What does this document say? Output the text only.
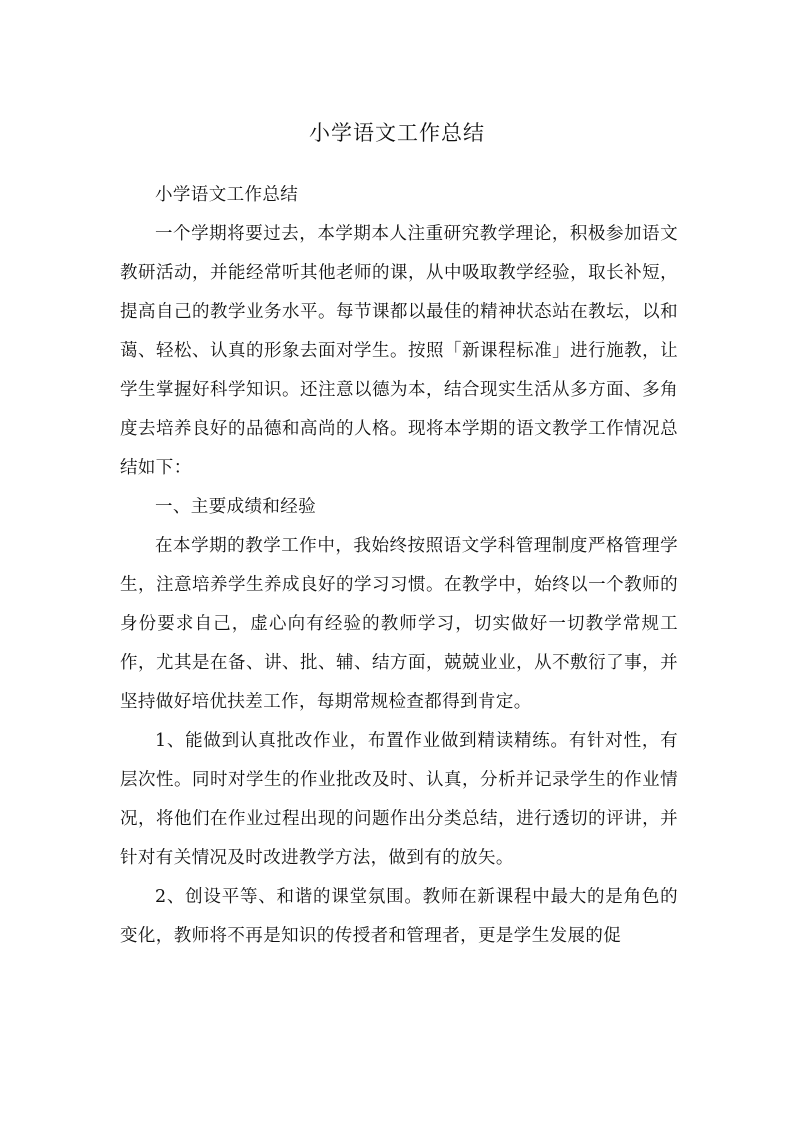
小学语文工作总结

小学语文工作总结

一个学期将要过去，本学期本人注重研究教学理论，积极参加语文教研活动，并能经常听其他老师的课，从中吸取教学经验，取长补短，提高自己的教学业务水平。每节课都以最佳的精神状态站在教坛，以和蔼、轻松、认真的形象去面对学生。按照「新课程标准」进行施教，让学生掌握好科学知识。还注意以德为本，结合现实生活从多方面、多角度去培养良好的品德和高尚的人格。现将本学期的语文教学工作情况总结如下：

一、主要成绩和经验

在本学期的教学工作中，我始终按照语文学科管理制度严格管理学生，注意培养学生养成良好的学习习惯。在教学中，始终以一个教师的身份要求自己，虚心向有经验的教师学习，切实做好一切教学常规工作，尤其是在备、讲、批、辅、结方面，兢兢业业，从不敷衍了事，并坚持做好培优扶差工作，每期常规检查都得到肯定。

1、能做到认真批改作业，布置作业做到精读精练。有针对性，有层次性。同时对学生的作业批改及时、认真，分析并记录学生的作业情况，将他们在作业过程出现的问题作出分类总结，进行透切的评讲，并针对有关情况及时改进教学方法，做到有的放矢。

2、创设平等、和谐的课堂氛围。教师在新课程中最大的是角色的变化，教师将不再是知识的传授者和管理者，更是学生发展的促
